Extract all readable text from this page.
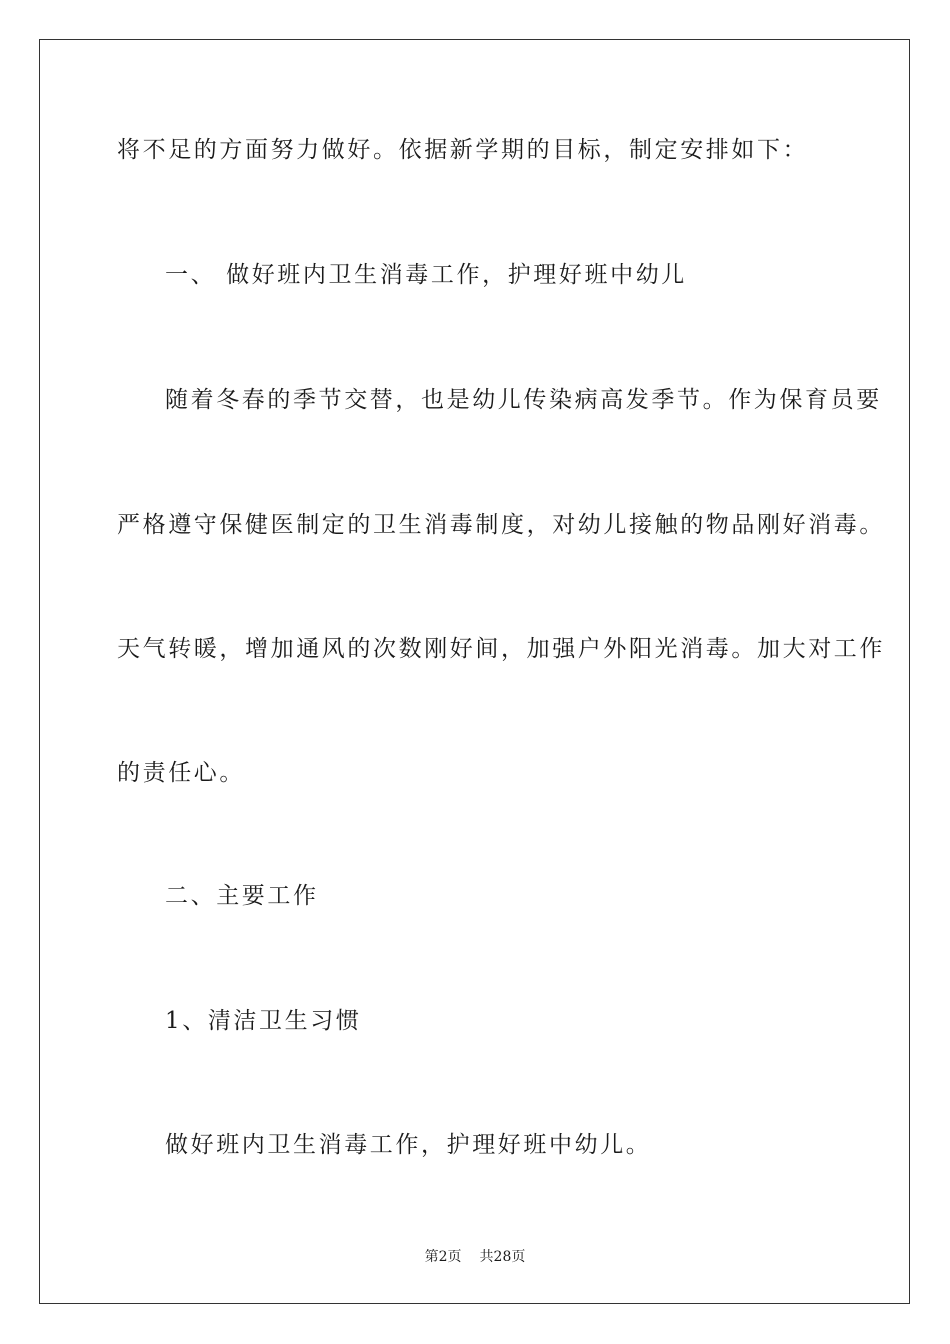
将不足的方面努力做好。依据新学期的目标，制定安排如下：
一、 做好班内卫生消毒工作，护理好班中幼儿
随着冬春的季节交替，也是幼儿传染病高发季节。作为保育员要
严格遵守保健医制定的卫生消毒制度，对幼儿接触的物品刚好消毒。
天气转暖，增加通风的次数刚好间，加强户外阳光消毒。加大对工作
的责任心。
二、主要工作
1、清洁卫生习惯
做好班内卫生消毒工作，护理好班中幼儿。
第2页 共28页
